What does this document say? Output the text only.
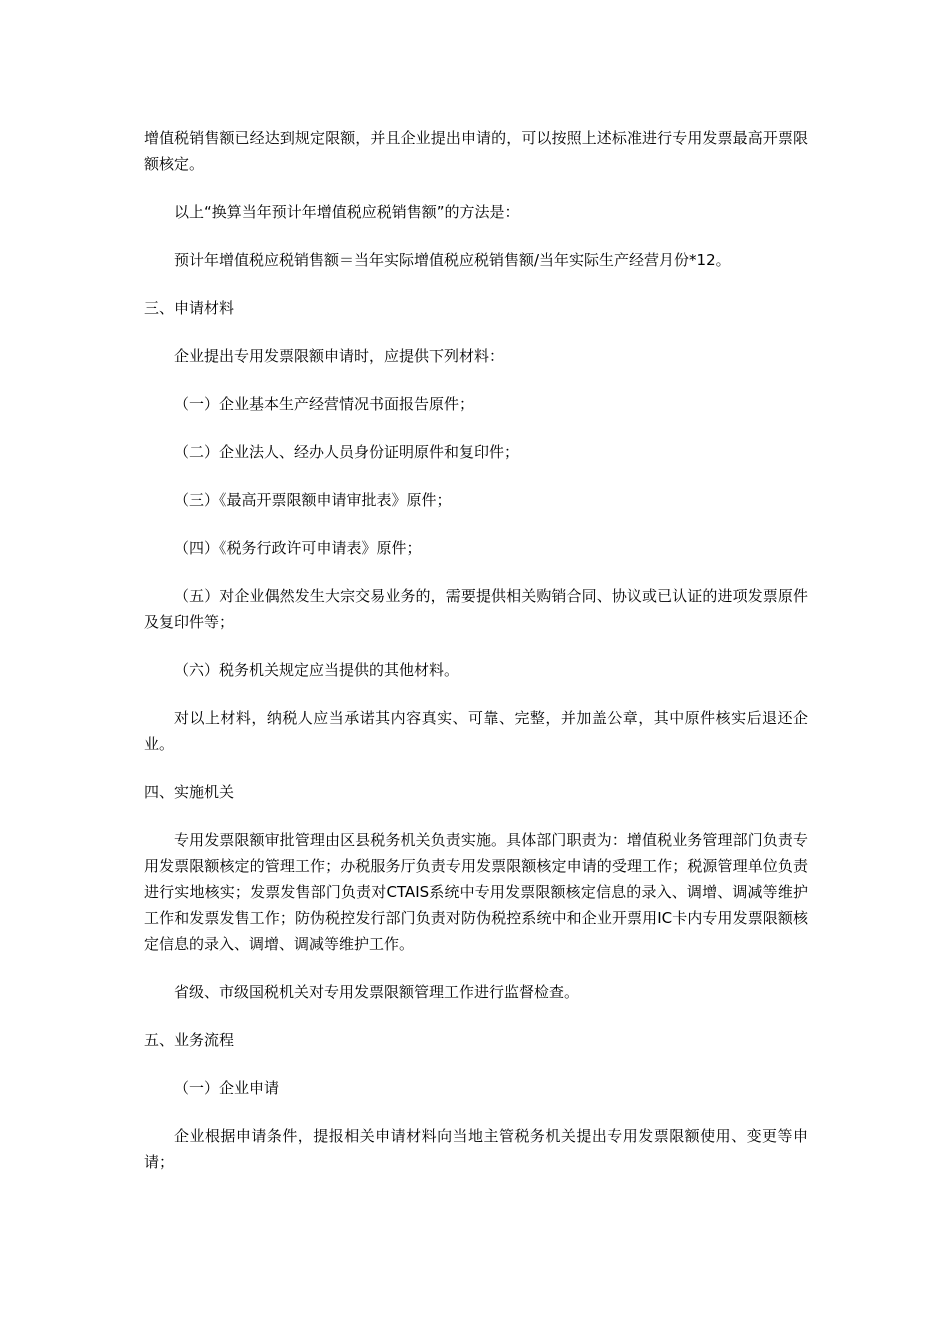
增值税销售额已经达到规定限额，并且企业提出申请的，可以按照上述标准进行专用发票最高开票限额核定。

以上“换算当年预计年增值税应税销售额”的方法是：

预计年增值税应税销售额＝当年实际增值税应税销售额/当年实际生产经营月份*12。

三、申请材料

企业提出专用发票限额申请时，应提供下列材料：

（一）企业基本生产经营情况书面报告原件；

（二）企业法人、经办人员身份证明原件和复印件；

（三）《最高开票限额申请审批表》原件；

（四）《税务行政许可申请表》原件；

（五）对企业偶然发生大宗交易业务的，需要提供相关购销合同、协议或已认证的进项发票原件及复印件等；

（六）税务机关规定应当提供的其他材料。

对以上材料，纳税人应当承诺其内容真实、可靠、完整，并加盖公章，其中原件核实后退还企业。

四、实施机关

专用发票限额审批管理由区县税务机关负责实施。具体部门职责为：增值税业务管理部门负责专用发票限额核定的管理工作；办税服务厅负责专用发票限额核定申请的受理工作；税源管理单位负责进行实地核实；发票发售部门负责对CTAIS系统中专用发票限额核定信息的录入、调增、调减等维护工作和发票发售工作；防伪税控发行部门负责对防伪税控系统中和企业开票用IC卡内专用发票限额核定信息的录入、调增、调减等维护工作。

省级、市级国税机关对专用发票限额管理工作进行监督检查。

五、业务流程

（一）企业申请

企业根据申请条件，提报相关申请材料向当地主管税务机关提出专用发票限额使用、变更等申请；
